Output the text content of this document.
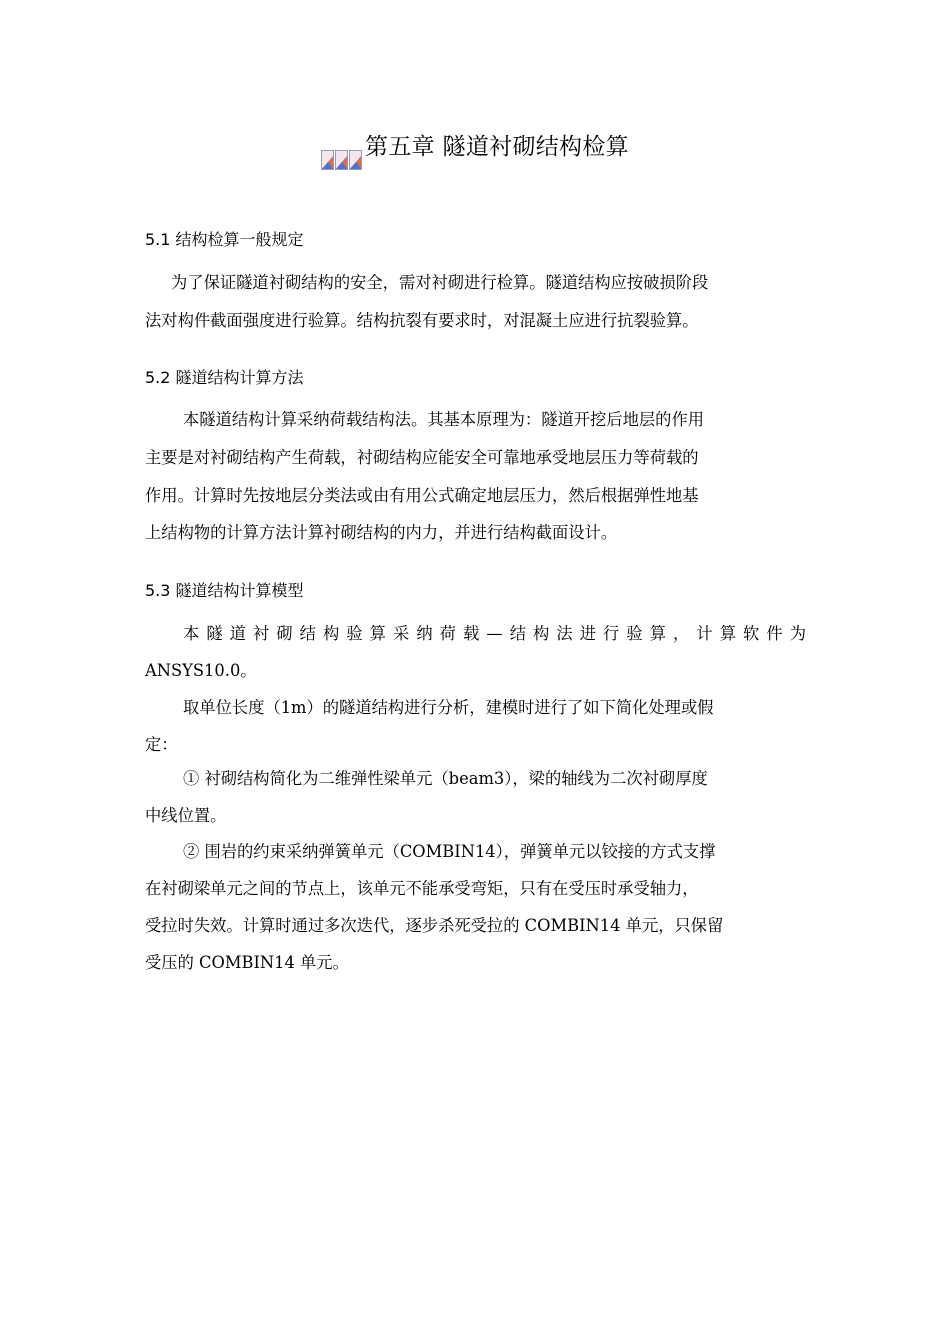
第五章 隧道衬砌结构检算
5.1 结构检算一般规定
为了保证隧道衬砌结构的安全，需对衬砌进行检算。隧道结构应按破损阶段
法对构件截面强度进行验算。结构抗裂有要求时，对混凝土应进行抗裂验算。
5.2 隧道结构计算方法
本隧道结构计算采纳荷载结构法。其基本原理为：隧道开挖后地层的作用
主要是对衬砌结构产生荷载，衬砌结构应能安全可靠地承受地层压力等荷载的
作用。计算时先按地层分类法或由有用公式确定地层压力，然后根据弹性地基
上结构物的计算方法计算衬砌结构的内力，并进行结构截面设计。
5.3 隧道结构计算模型
本隧道衬砌结构验算采纳荷载—结构法进行验算，计算软件为
ANSYS10.0。
取单位长度（1m）的隧道结构进行分析，建模时进行了如下简化处理或假
定：
① 衬砌结构简化为二维弹性梁单元（beam3），梁的轴线为二次衬砌厚度
中线位置。
② 围岩的约束采纳弹簧单元（COMBIN14），弹簧单元以铰接的方式支撑
在衬砌梁单元之间的节点上，该单元不能承受弯矩，只有在受压时承受轴力，
受拉时失效。计算时通过多次迭代，逐步杀死受拉的 COMBIN14 单元，只保留
受压的 COMBIN14 单元。
